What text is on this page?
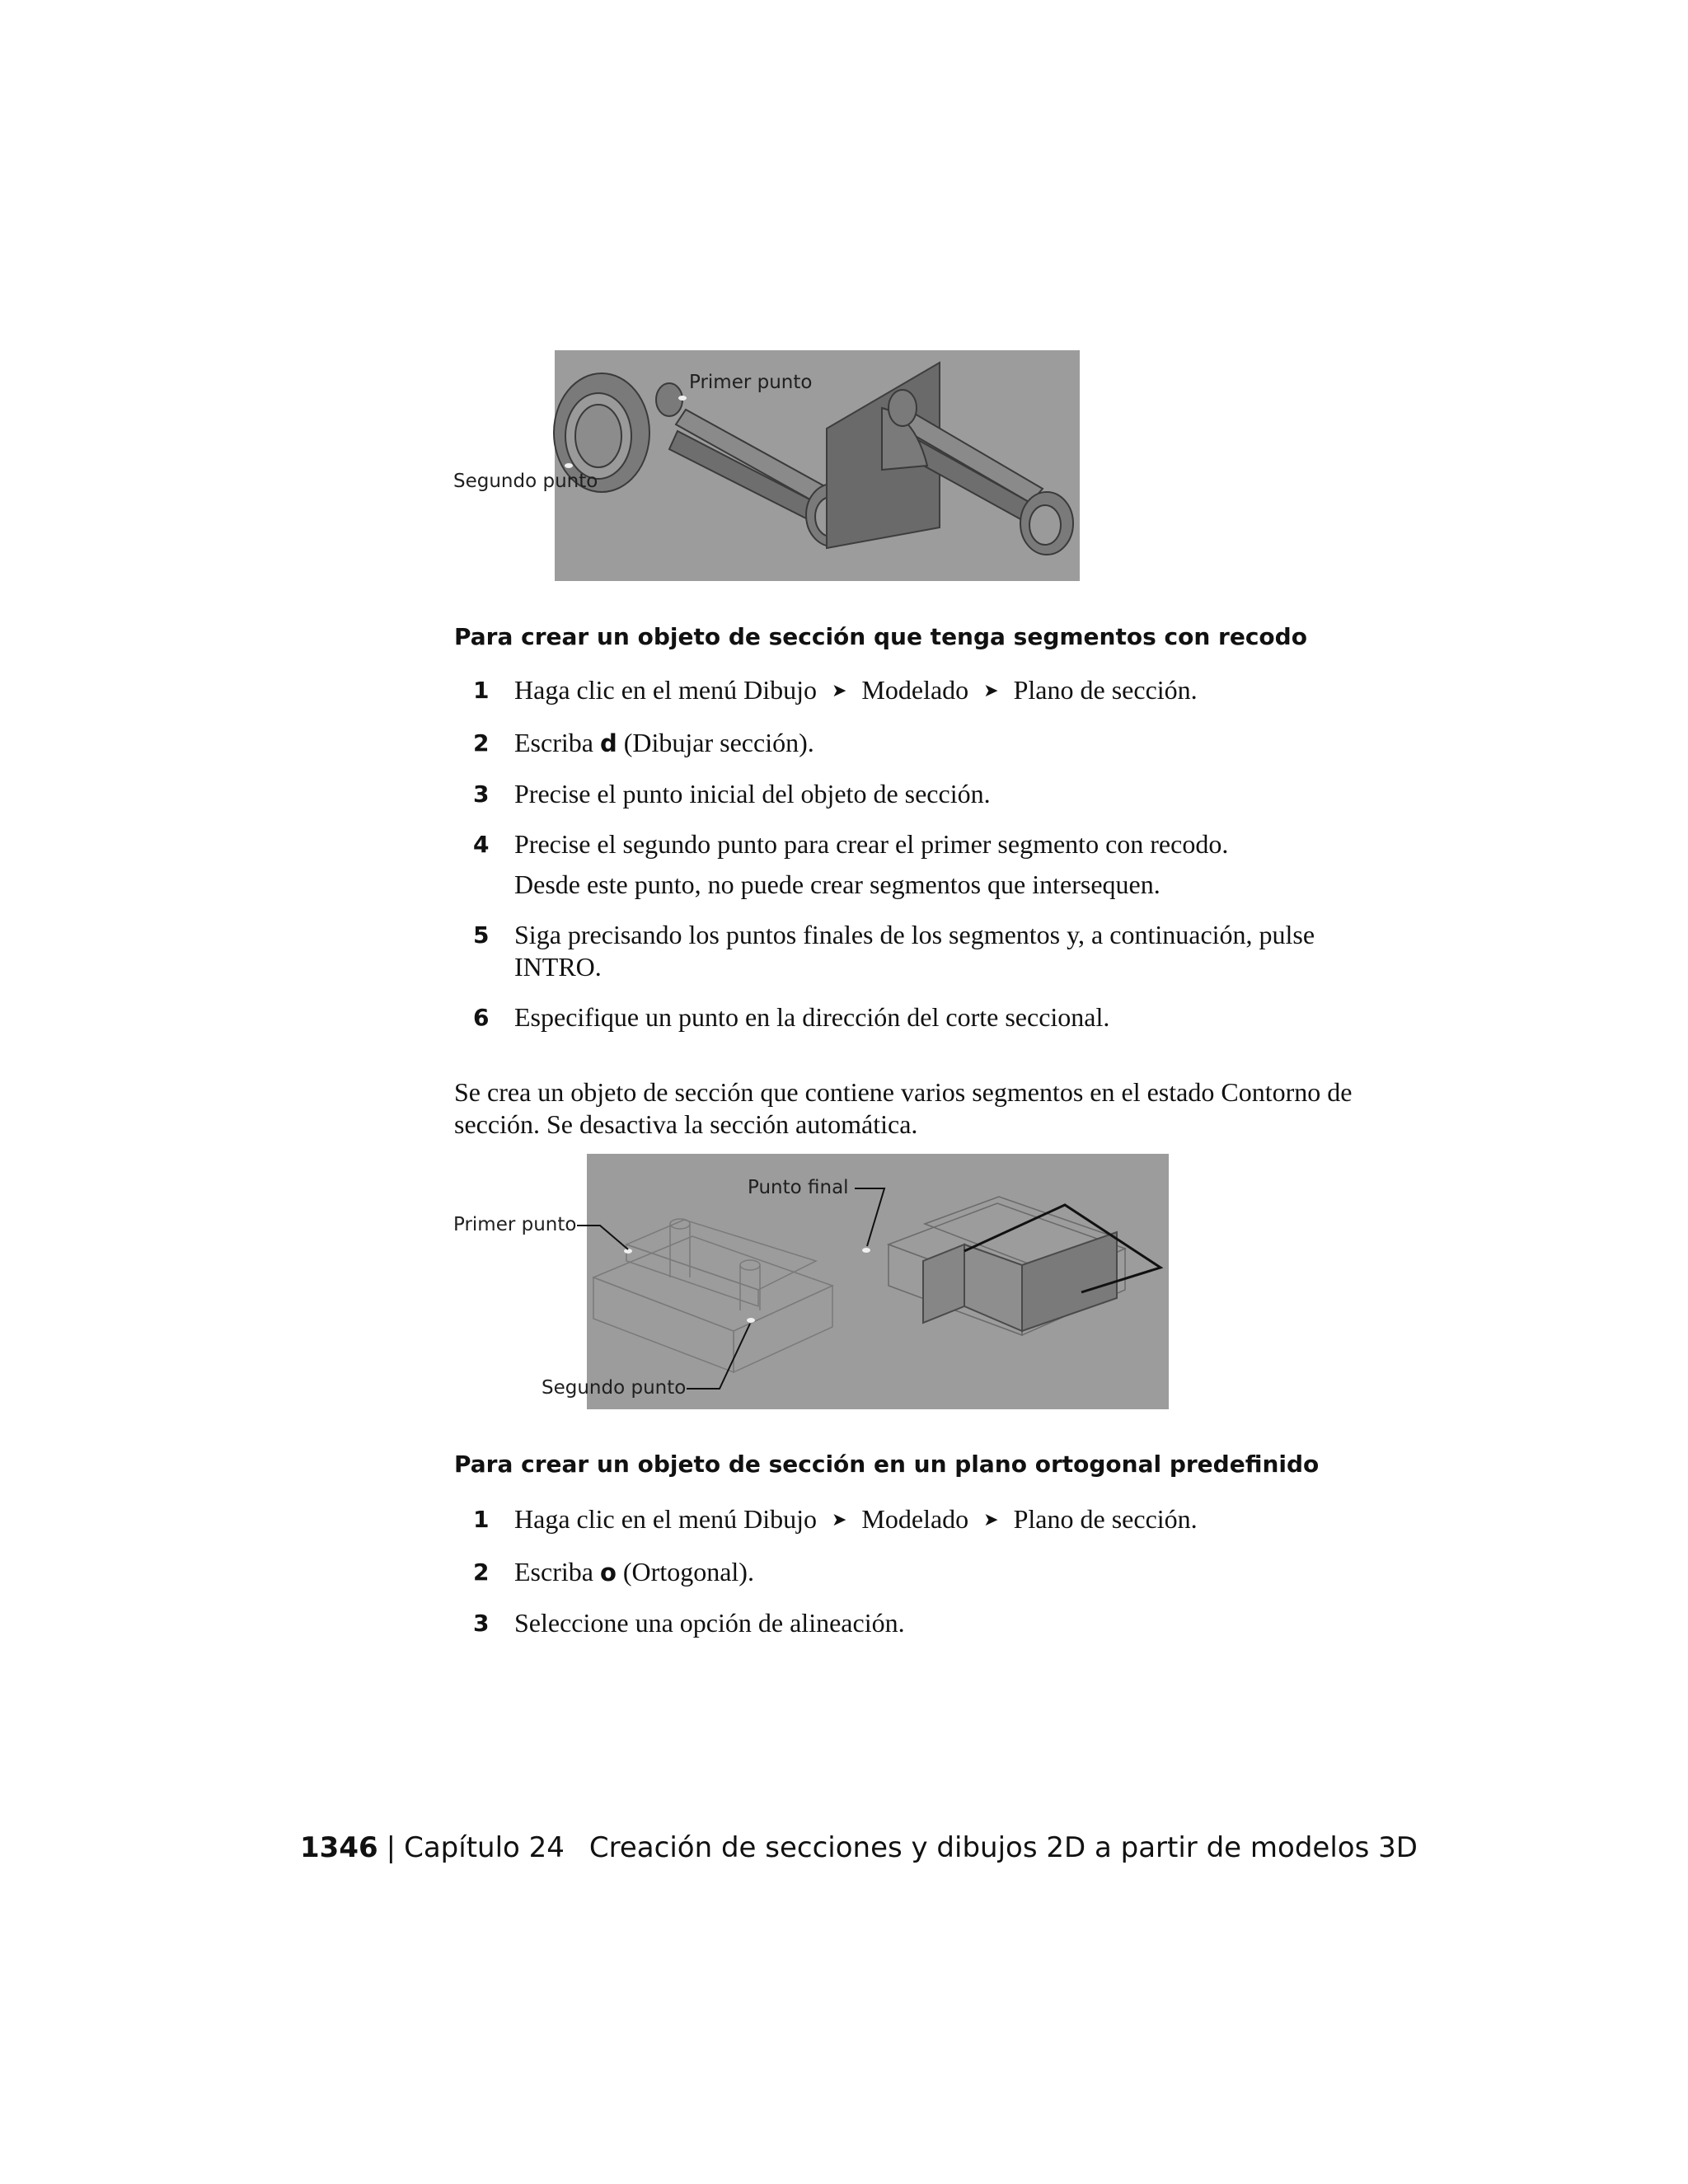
Primer punto
Segundo punto
Para crear un objeto de sección que tenga segmentos con recodo
1 Haga clic en el menú Dibujo ➤ Modelado ➤ Plano de sección.
2 Escriba d (Dibujar sección).
3 Precise el punto inicial del objeto de sección.
4 Precise el segundo punto para crear el primer segmento con recodo.
Desde este punto, no puede crear segmentos que intersequen.
5 Siga precisando los puntos finales de los segmentos y, a continuación, pulse INTRO.
6 Especifique un punto en la dirección del corte seccional.

Se crea un objeto de sección que contiene varios segmentos en el estado Contorno de sección. Se desactiva la sección automática.

Punto final
Primer punto
Segundo punto
Para crear un objeto de sección en un plano ortogonal predefinido
1 Haga clic en el menú Dibujo ➤ Modelado ➤ Plano de sección.
2 Escriba o (Ortogonal).
3 Seleccione una opción de alineación.
1346 | Capítulo 24 Creación de secciones y dibujos 2D a partir de modelos 3D
